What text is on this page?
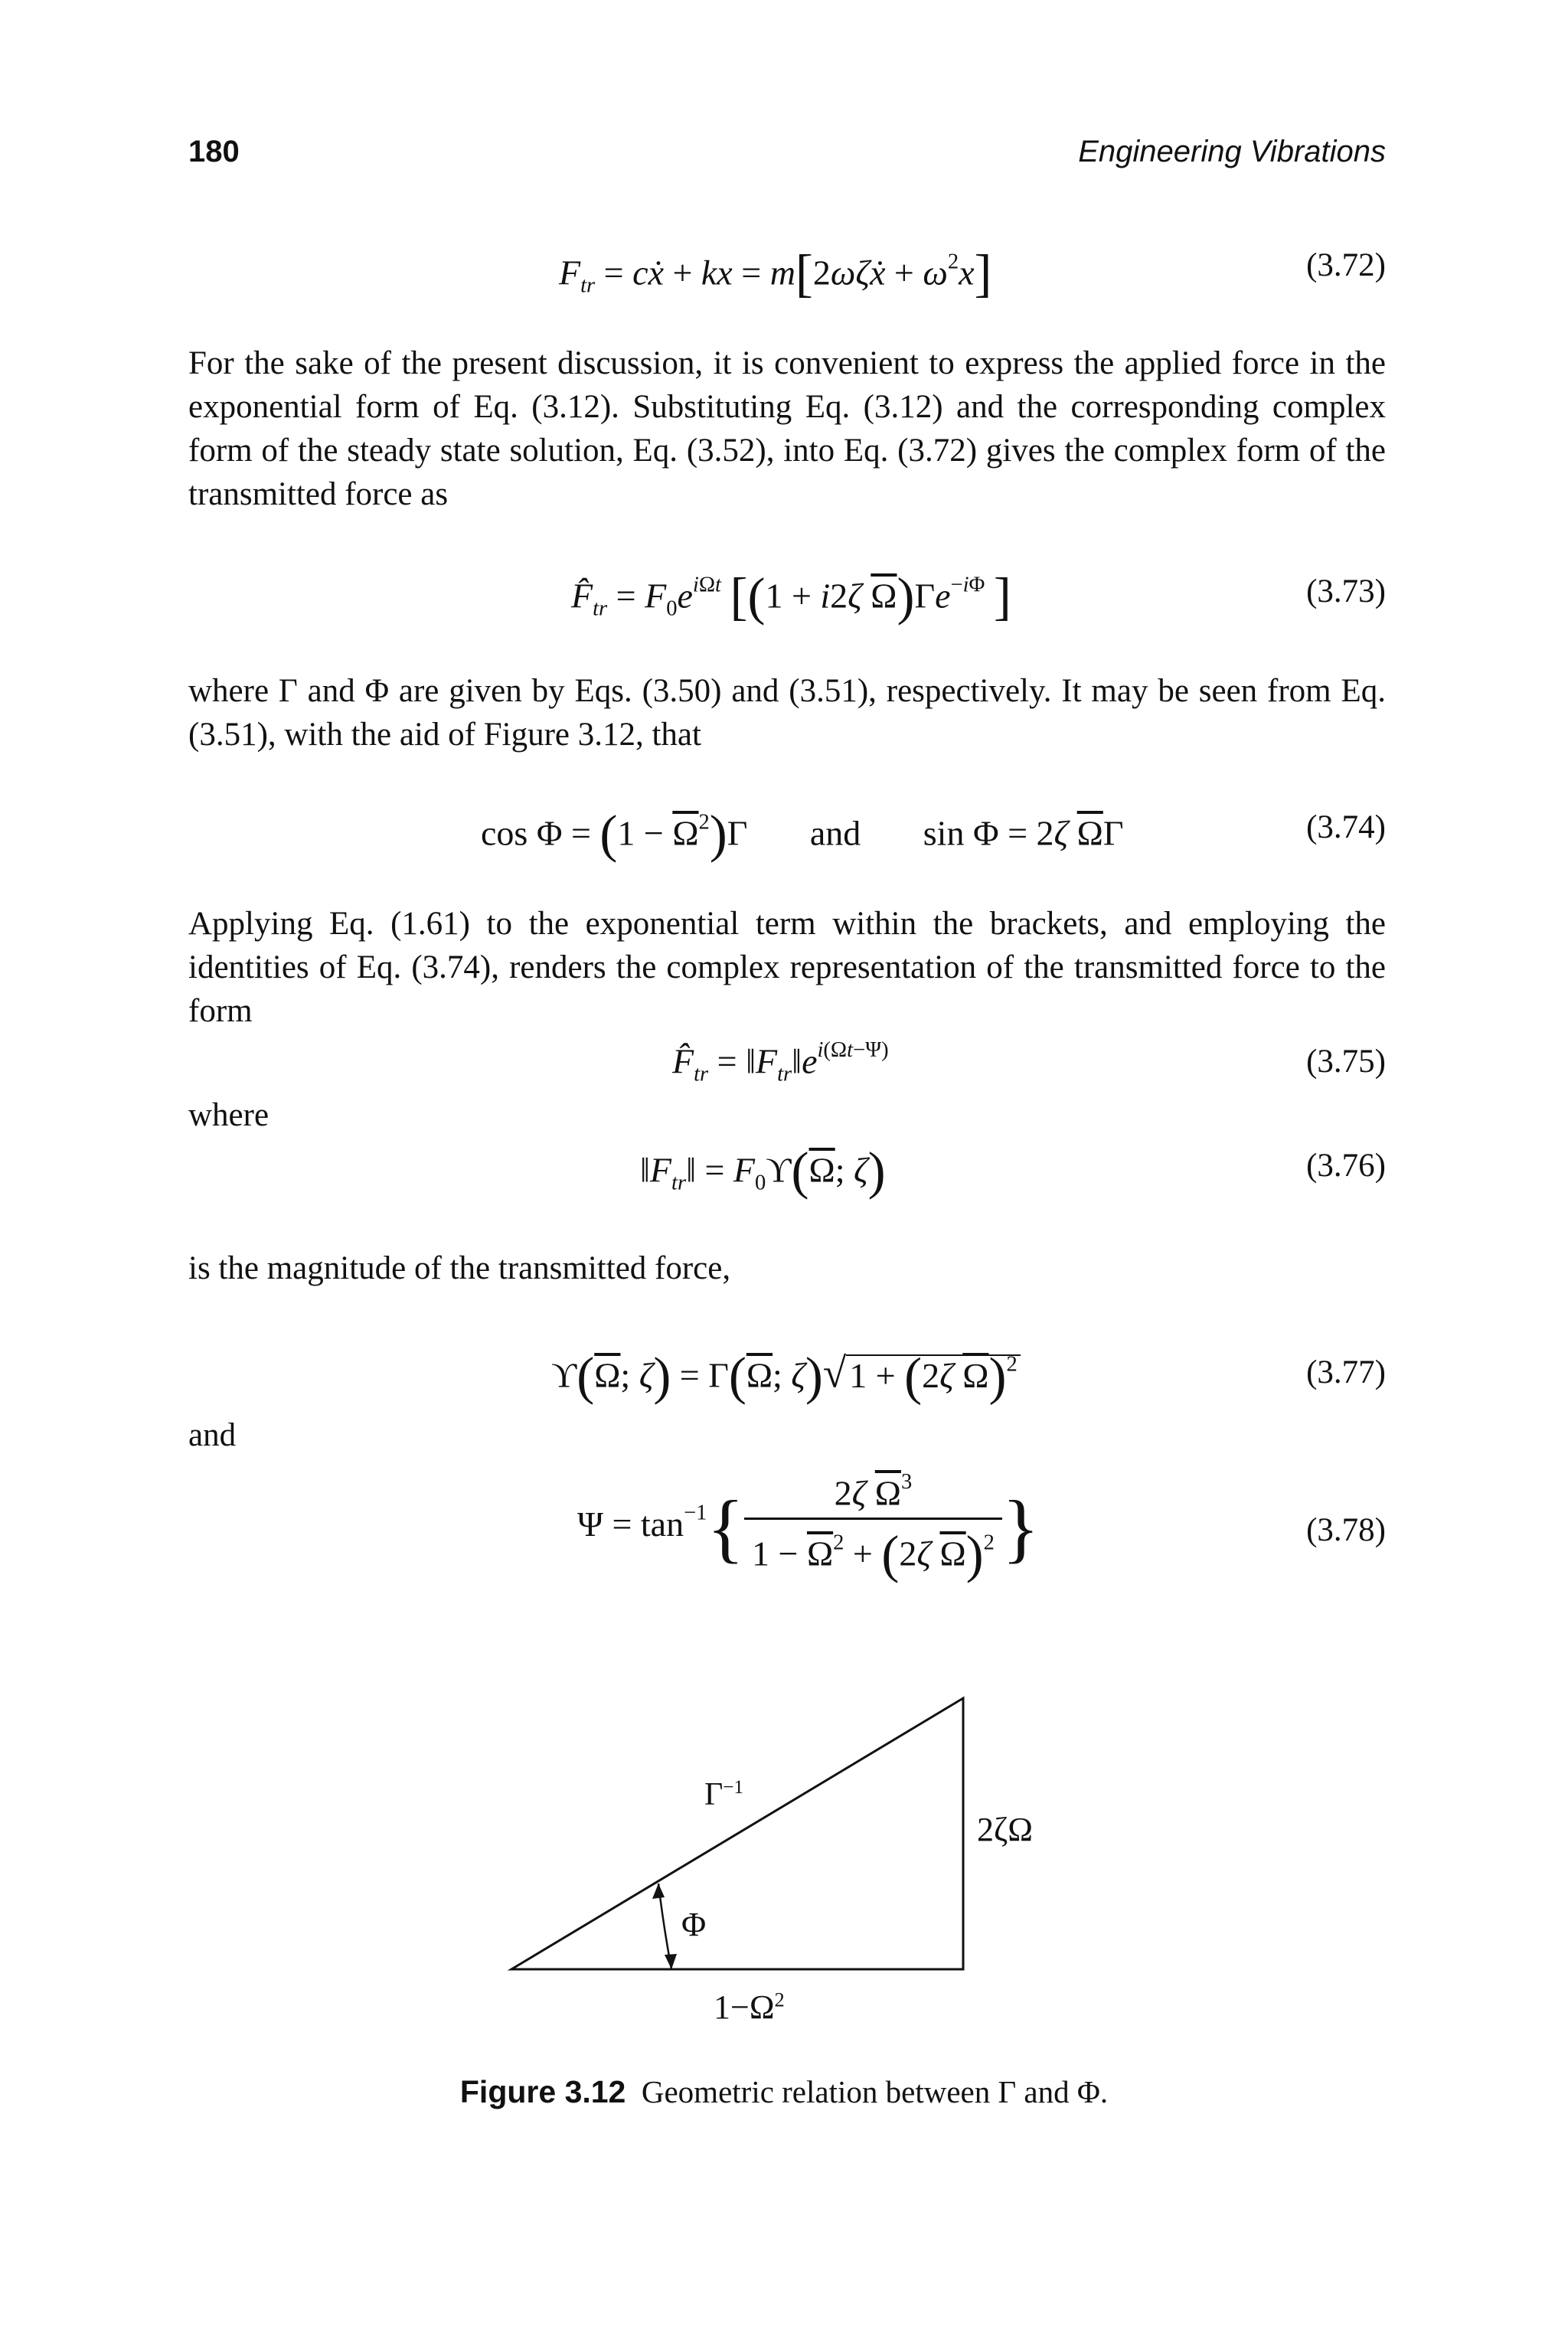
180	Engineering Vibrations
$F_{tr}$ = cẋ + kx = m[2ωζẋ + $\omega^2x$]	(3.72)
For the sake of the present discussion, it is convenient to express the applied force in the exponential form of Eq. (3.12). Substituting Eq. (3.12) and the corresponding complex form of the steady state solution, Eq. (3.52), into Eq. (3.72) gives the complex form of the transmitted force as
$F̂_{tr} = F_0e^{i\Omega t}$ [(1 + i2ζ $\overline{\Omega})\Gamma e^{-i\Phi}$ ]	(3.73)
where Γ and Φ are given by Eqs. (3.50) and (3.51), respectively. It may be seen from Eq. (3.51), with the aid of Figure 3.12, that
$\cos \Phi = (1 - \overline{\Omega}^2)\Gamma$ and sin Φ = 2ζ $\overline{\Omega}\Gamma$	(3.74)
Applying Eq. (1.61) to the exponential term within the brackets, and employing the identities of Eq. (3.74), renders the complex representation of the transmitted force to the form
$F̂_{tr}$ = $‖F_{tr}‖e^{i(\Omega t-\Psi)}$	(3.75)
where
$‖F_{tr}‖ = F_0ϒ(\overline{\Omega}$; ζ)	(3.76)
is the magnitude of the transmitted force,
$ϒ(\overline{\Omega}$; $\zeta) = \Gamma(\overline{\Omega}$; ζ)√1 + (2ζ $\overline{\Omega})^2$	(3.77)
and
$\Psi = \tan^{-1}\{ \frac{2\zeta \overline{\Omega}^3}{1 - \overline{\Omega}^2 + (2\zeta \overline{\Omega})^2}$ }	(3.78)
$\Gamma^{-1}$
2ζΩ
Φ
$1-\Omega^2$
Figure 3.12 Geometric relation between Γ and Φ.
